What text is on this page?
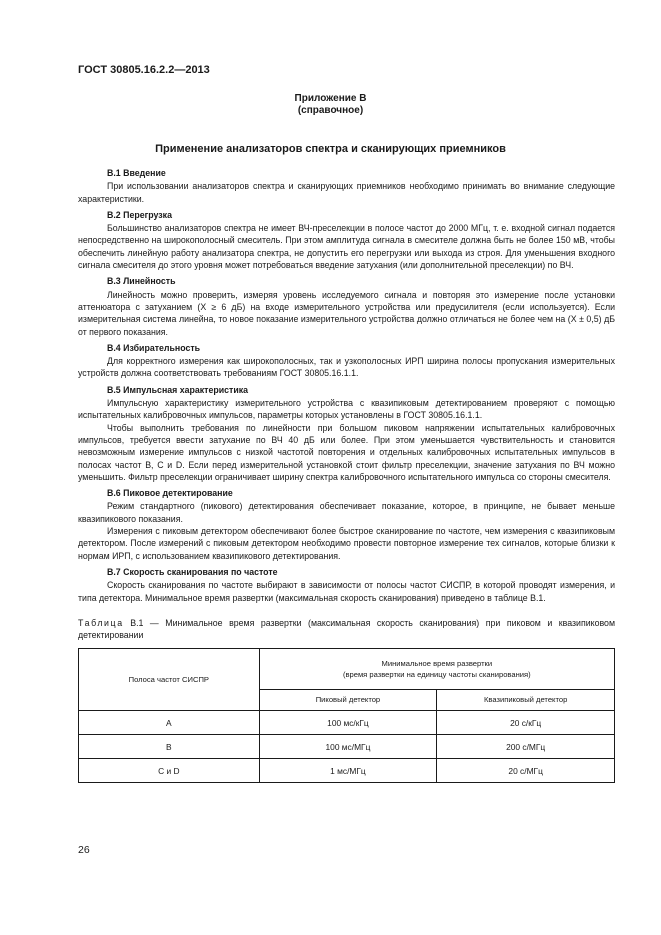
ГОСТ 30805.16.2.2—2013
Приложение В
(справочное)
Применение анализаторов спектра и сканирующих приемников
В.1 Введение

При использовании анализаторов спектра и сканирующих приемников необходимо принимать во внимание следующие характеристики.

В.2 Перегрузка

Большинство анализаторов спектра не имеет ВЧ-преселекции в полосе частот до 2000 МГц, т. е. входной сигнал подается непосредственно на широкополосный смеситель. При этом амплитуда сигнала в смесителе должна быть не более 150 мВ, чтобы обеспечить линейную работу анализатора спектра, не допустить его перегрузки или выхода из строя. Для уменьшения входного сигнала смесителя до этого уровня может потребоваться введение затухания (или дополнительной преселекции) по ВЧ.

В.3 Линейность

Линейность можно проверить, измеряя уровень исследуемого сигнала и повторяя это измерение после установки аттенюатора с затуханием (X ≥ 6 дБ) на входе измерительного устройства или предусилителя (если используется). Если измерительная система линейна, то новое показание измерительного устройства должно отличаться не более чем на (X ± 0,5) дБ от первого показания.

В.4 Избирательность

Для корректного измерения как широкополосных, так и узкополосных ИРП ширина полосы пропускания измерительных устройств должна соответствовать требованиям ГОСТ 30805.16.1.1.

В.5 Импульсная характеристика

Импульсную характеристику измерительного устройства с квазипиковым детектированием проверяют с помощью испытательных калибровочных импульсов, параметры которых установлены в ГОСТ 30805.16.1.1.

Чтобы выполнить требования по линейности при большом пиковом напряжении испытательных калибровочных импульсов, требуется ввести затухание по ВЧ 40 дБ или более. При этом уменьшается чувствительность и становится невозможным измерение импульсов с низкой частотой повторения и отдельных калибровочных испытательных импульсов в полосах частот В, С и D. Если перед измерительной установкой стоит фильтр преселекции, значение затухания по ВЧ можно уменьшить. Фильтр преселекции ограничивает ширину спектра калибровочного испытательного импульса со стороны смесителя.

В.6 Пиковое детектирование

Режим стандартного (пикового) детектирования обеспечивает показание, которое, в принципе, не бывает меньше квазипикового показания.

Измерения с пиковым детектором обеспечивают более быстрое сканирование по частоте, чем измерения с квазипиковым детектором. После измерений с пиковым детектором необходимо провести повторное измерение тех сигналов, которые близки к нормам ИРП, с использованием квазипикового детектирования.

В.7 Скорость сканирования по частоте

Скорость сканирования по частоте выбирают в зависимости от полосы частот СИСПР, в которой проводят измерения, и типа детектора. Минимальное время развертки (максимальная скорость сканирования) приведено в таблице В.1.

Таблица В.1 — Минимальное время развертки (максимальная скорость сканирования) при пиковом и квазипиковом детектировании
Полоса частот СИСПР	Минимальное время развертки
(время развертки на единицу частоты сканирования)	

	Пиковый детектор	Квазипиковый детектор
А	100 мс/кГц	20 с/кГц
В	100 мс/МГц	200 с/МГц
С и D	1 мс/МГц	20 с/МГц
26
